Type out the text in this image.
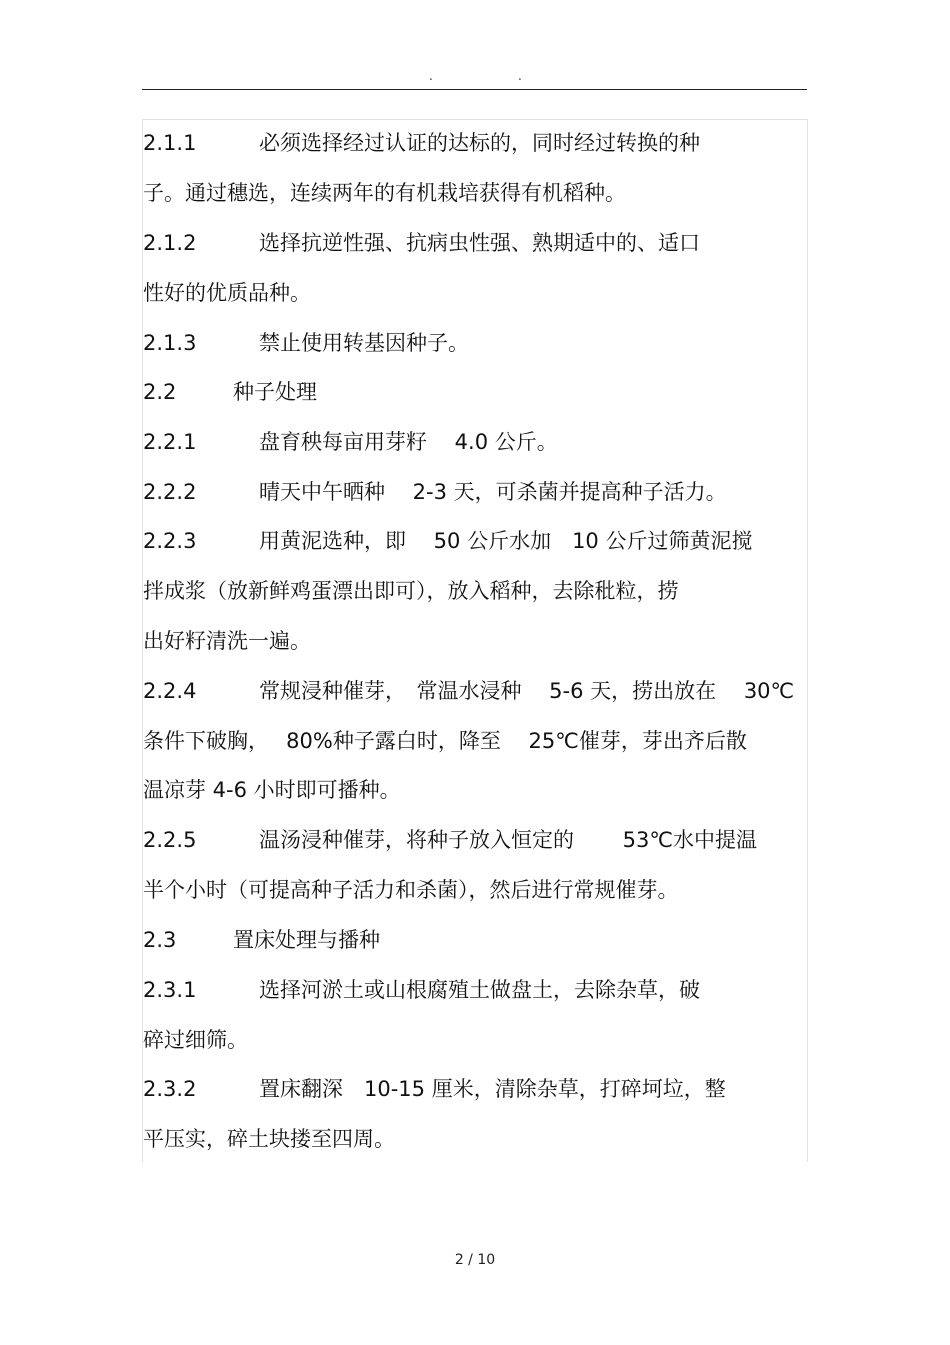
.	.
2.1.1	必须选择经过认证的达标的，同时经过转换的种
子。通过穗选，连续两年的有机栽培获得有机稻种。
2.1.2	选择抗逆性强、抗病虫性强、熟期适中的、适口
性好的优质品种。
2.1.3	禁止使用转基因种子。
2.2	种子处理
2.2.1	盘育秧每亩用芽籽　 4.0 公斤。
2.2.2	晴天中午晒种　 2-3 天，可杀菌并提高种子活力。
2.2.3	用黄泥选种，即　 50 公斤水加　10 公斤过筛黄泥搅
拌成浆（放新鲜鸡蛋漂出即可），放入稻种，去除秕粒，捞
出好籽清洗一遍。
2.2.4	常规浸种催芽，　常温水浸种　 5-6 天，捞出放在　 30℃
条件下破胸，　 80%种子露白时，降至　 25℃催芽，芽出齐后散
温凉芽 4-6 小时即可播种。
2.2.5	温汤浸种催芽，将种子放入恒定的　　 53℃水中提温
半个小时（可提高种子活力和杀菌），然后进行常规催芽。
2.3	置床处理与播种
2.3.1	选择河淤土或山根腐殖土做盘土，去除杂草，破
碎过细筛。
2.3.2	置床翻深　10-15 厘米，清除杂草，打碎坷垃，整
平压实，碎土块搂至四周。
2 / 10
